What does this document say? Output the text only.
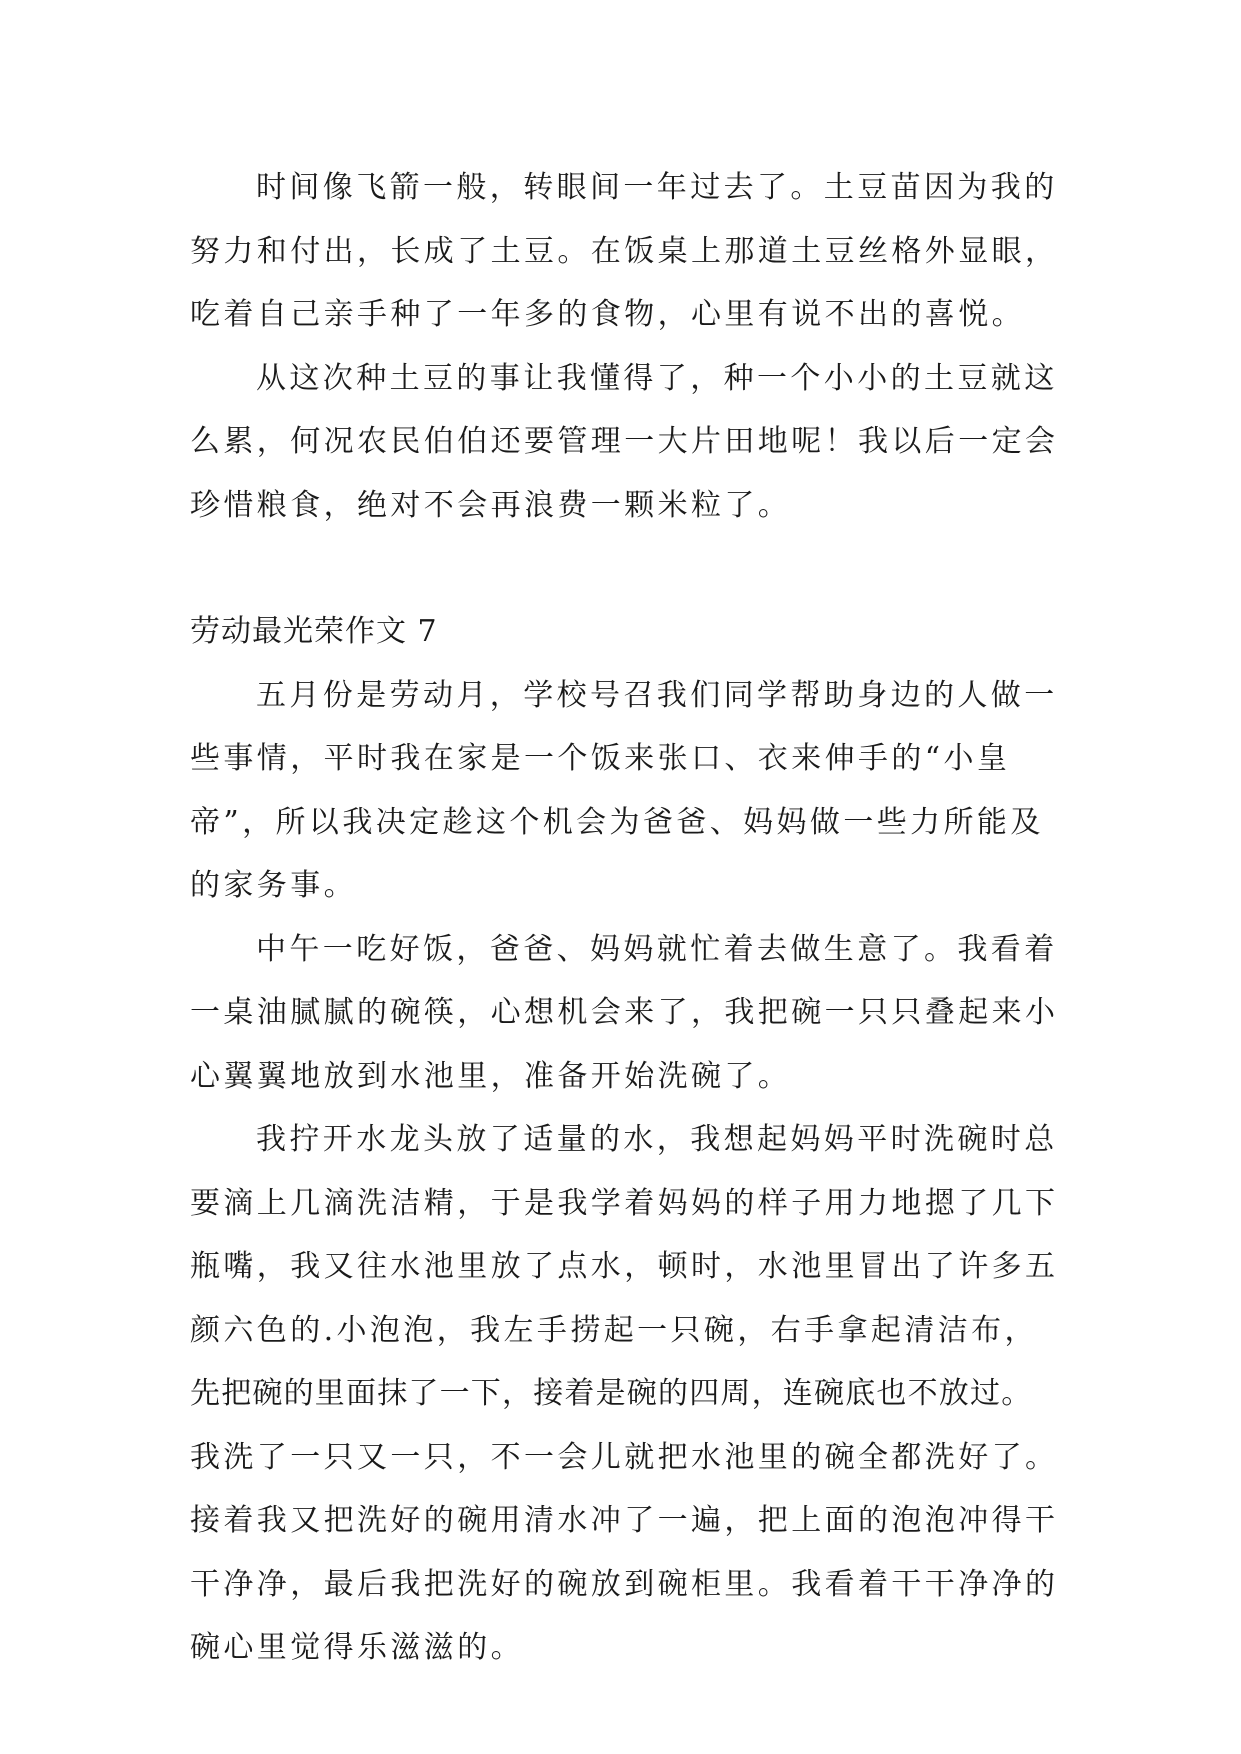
时间像飞箭一般，转眼间一年过去了。土豆苗因为我的
努力和付出，长成了土豆。在饭桌上那道土豆丝格外显眼，
吃着自己亲手种了一年多的食物，心里有说不出的喜悦。
从这次种土豆的事让我懂得了，种一个小小的土豆就这
么累，何况农民伯伯还要管理一大片田地呢！我以后一定会
珍惜粮食，绝对不会再浪费一颗米粒了。
劳动最光荣作文 7
五月份是劳动月，学校号召我们同学帮助身边的人做一
些事情，平时我在家是一个饭来张口、衣来伸手的“小皇
帝”，所以我决定趁这个机会为爸爸、妈妈做一些力所能及
的家务事。
中午一吃好饭，爸爸、妈妈就忙着去做生意了。我看着
一桌油腻腻的碗筷，心想机会来了，我把碗一只只叠起来小
心翼翼地放到水池里，准备开始洗碗了。
我拧开水龙头放了适量的水，我想起妈妈平时洗碗时总
要滴上几滴洗洁精，于是我学着妈妈的样子用力地摁了几下
瓶嘴，我又往水池里放了点水，顿时，水池里冒出了许多五
颜六色的.小泡泡，我左手捞起一只碗，右手拿起清洁布，
先把碗的里面抹了一下，接着是碗的四周，连碗底也不放过。
我洗了一只又一只，不一会儿就把水池里的碗全都洗好了。
接着我又把洗好的碗用清水冲了一遍，把上面的泡泡冲得干
干净净，最后我把洗好的碗放到碗柜里。我看着干干净净的
碗心里觉得乐滋滋的。
